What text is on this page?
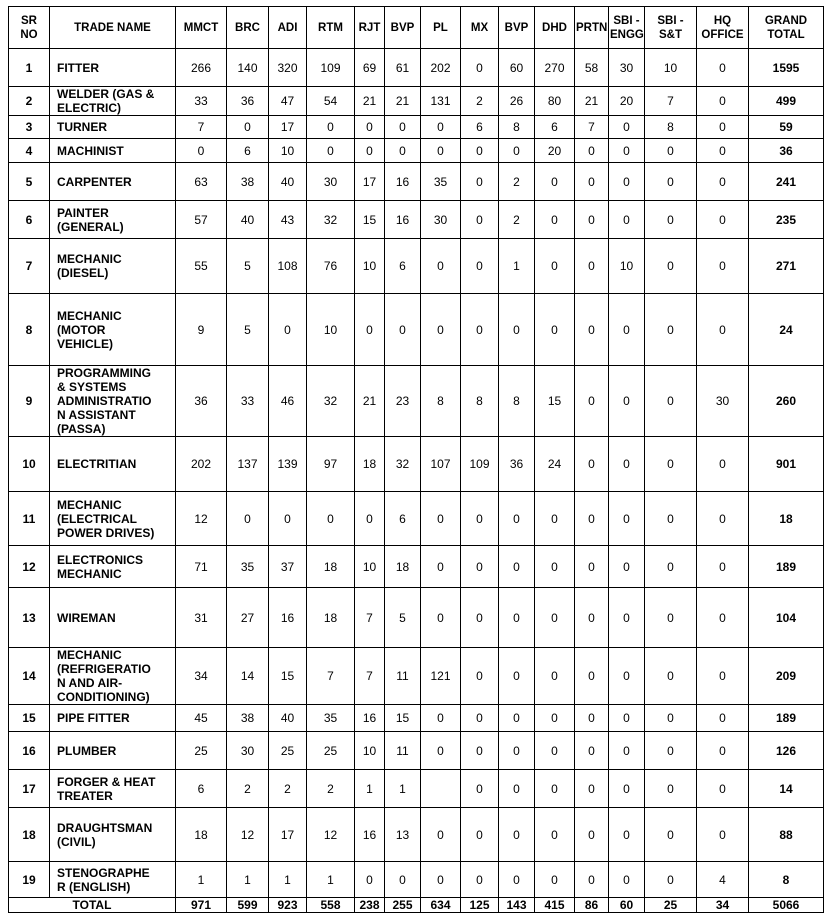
SR
NO	TRADE NAME	MMCT	BRC	ADI	RTM	RJT	BVP	PL	MX	BVP	DHD	PRTN	SBI -
ENGG	SBI -
S&T	HQ
OFFICE	GRAND
TOTAL
1	FITTER	266	140	320	109	69	61	202	0	60	270	58	30	10	0	1595
2	WELDER (GAS &
ELECTRIC)	33	36	47	54	21	21	131	2	26	80	21	20	7	0	499
3	TURNER	7	0	17	0	0	0	0	6	8	6	7	0	8	0	59
4	MACHINIST	0	6	10	0	0	0	0	0	0	20	0	0	0	0	36
5	CARPENTER	63	38	40	30	17	16	35	0	2	0	0	0	0	0	241
6	PAINTER
(GENERAL)	57	40	43	32	15	16	30	0	2	0	0	0	0	0	235
7	MECHANIC
(DIESEL)	55	5	108	76	10	6	0	0	1	0	0	10	0	0	271
8	MECHANIC
(MOTOR
VEHICLE)	9	5	0	10	0	0	0	0	0	0	0	0	0	0	24
9	PROGRAMMING
& SYSTEMS
ADMINISTRATIO
N ASSISTANT
(PASSA)	36	33	46	32	21	23	8	8	8	15	0	0	0	30	260
10	ELECTRITIAN	202	137	139	97	18	32	107	109	36	24	0	0	0	0	901
11	MECHANIC
(ELECTRICAL
POWER DRIVES)	12	0	0	0	0	6	0	0	0	0	0	0	0	0	18
12	ELECTRONICS
MECHANIC	71	35	37	18	10	18	0	0	0	0	0	0	0	0	189
13	WIREMAN	31	27	16	18	7	5	0	0	0	0	0	0	0	0	104
14	MECHANIC
(REFRIGERATIO
N AND AIR-
CONDITIONING)	34	14	15	7	7	11	121	0	0	0	0	0	0	0	209
15	PIPE FITTER	45	38	40	35	16	15	0	0	0	0	0	0	0	0	189
16	PLUMBER	25	30	25	25	10	11	0	0	0	0	0	0	0	0	126
17	FORGER & HEAT
TREATER	6	2	2	2	1	1		0	0	0	0	0	0	0	14
18	DRAUGHTSMAN
(CIVIL)	18	12	17	12	16	13	0	0	0	0	0	0	0	0	88
19	STENOGRAPHE
R (ENGLISH)	1	1	1	1	0	0	0	0	0	0	0	0	0	4	8
TOTAL		971	599	923	558	238	255	634	125	143	415	86	60	25	34	5066
